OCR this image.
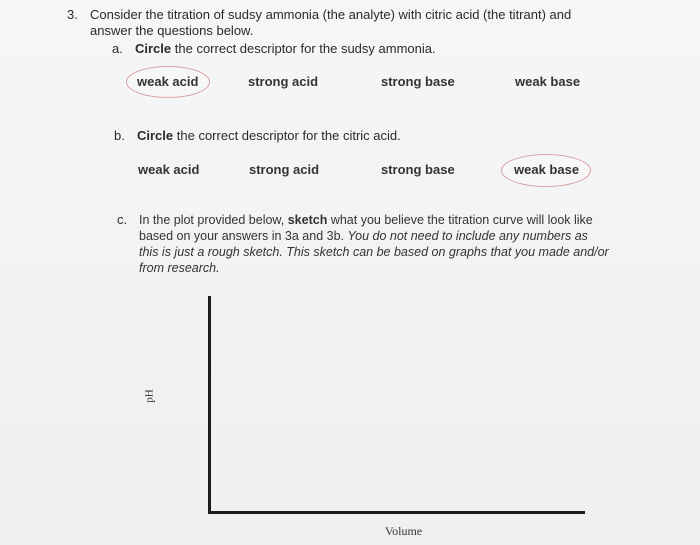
3. Consider the titration of sudsy ammonia (the analyte) with citric acid (the titrant) and answer the questions below.
a. Circle the correct descriptor for the sudsy ammonia.
weak acid	strong acid	strong base	weak base
b. Circle the correct descriptor for the citric acid.
weak acid	strong acid	strong base	weak base
c. In the plot provided below, sketch what you believe the titration curve will look like based on your answers in 3a and 3b. You do not need to include any numbers as this is just a rough sketch. This sketch can be based on graphs that you made and/or from research.
pH
Volume
